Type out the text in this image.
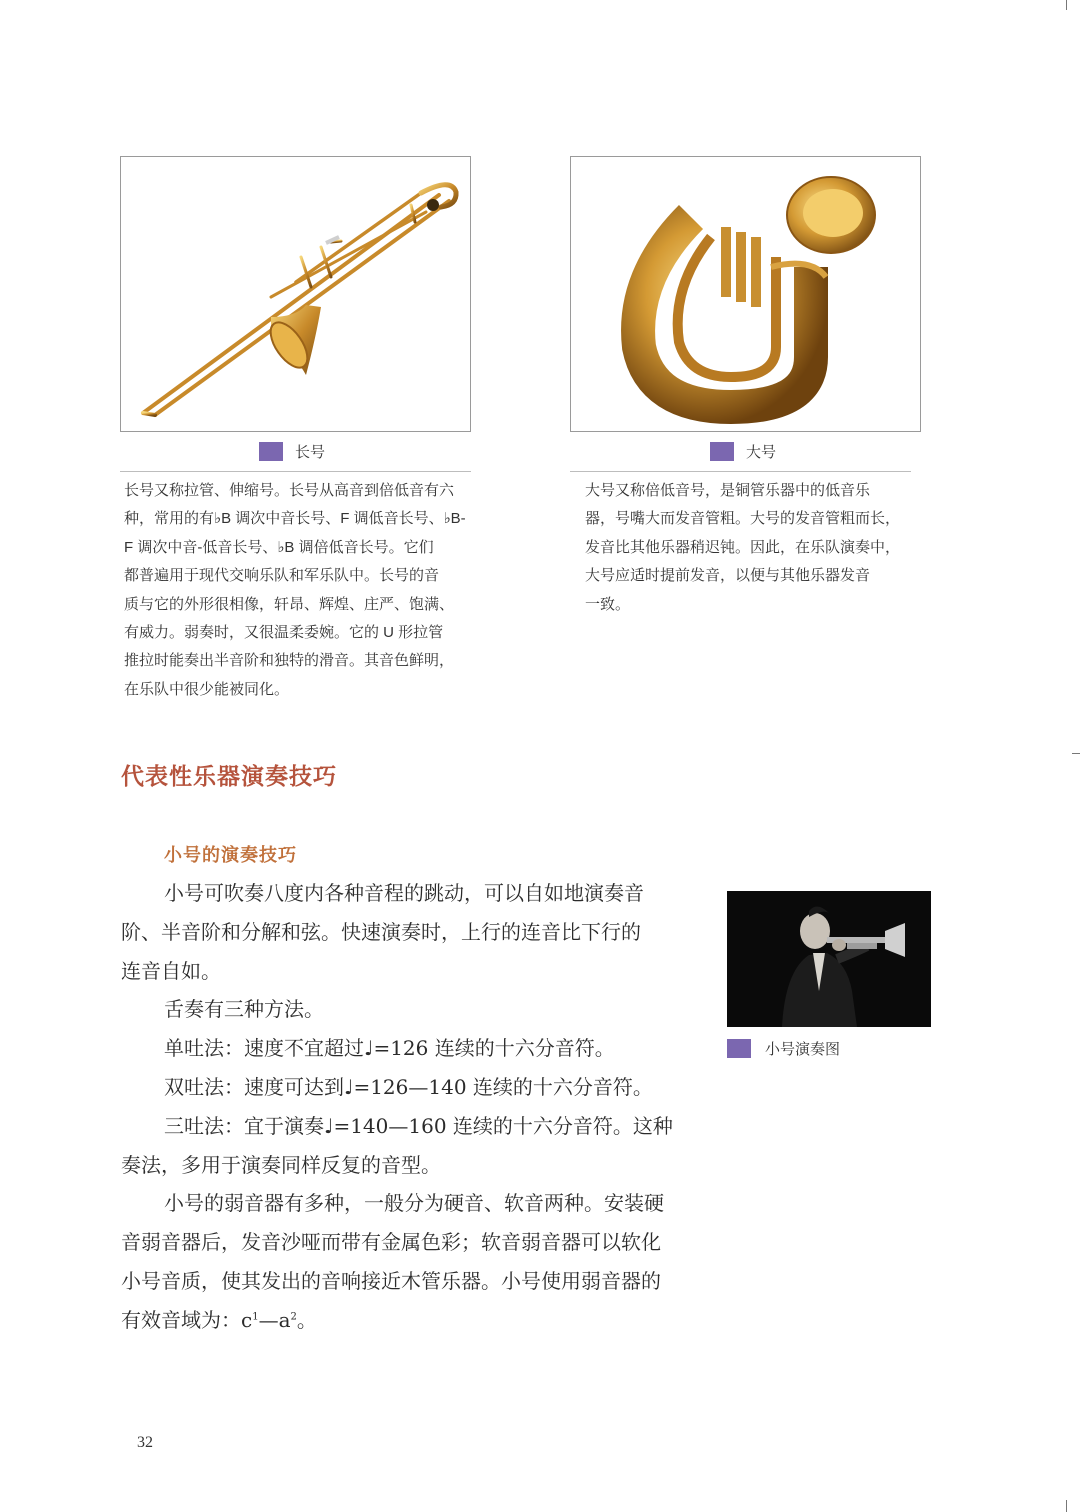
长号

长号又称拉管、伸缩号。长号从高音到倍低音有六

种，常用的有♭B 调次中音长号、F 调低音长号、♭B-

F 调次中音-低音长号、♭B 调倍低音长号。它们

都普遍用于现代交响乐队和军乐队中。长号的音

质与它的外形很相像，轩昂、辉煌、庄严、饱满、

有威力。弱奏时，又很温柔委婉。它的 U 形拉管

推拉时能奏出半音阶和独特的滑音。其音色鲜明，

在乐队中很少能被同化。

大号

大号又称倍低音号，是铜管乐器中的低音乐

器，号嘴大而发音管粗。大号的发音管粗而长，

发音比其他乐器稍迟钝。因此，在乐队演奏中，

大号应适时提前发音，以便与其他乐器发音

一致。

代表性乐器演奏技巧
小号的演奏技巧
小号可吹奏八度内各种音程的跳动，可以自如地演奏音
阶、半音阶和分解和弦。快速演奏时，上行的连音比下行的
连音自如。
舌奏有三种方法。
单吐法：速度不宜超过♩=126 连续的十六分音符。
双吐法：速度可达到♩=126—140 连续的十六分音符。
三吐法：宜于演奏♩=140—160 连续的十六分音符。这种
奏法，多用于演奏同样反复的音型。
小号的弱音器有多种，一般分为硬音、软音两种。安装硬
音弱音器后，发音沙哑而带有金属色彩；软音弱音器可以软化
小号音质，使其发出的音响接近木管乐器。小号使用弱音器的
有效音域为：$c^1—a^2$。
小号演奏图
32
